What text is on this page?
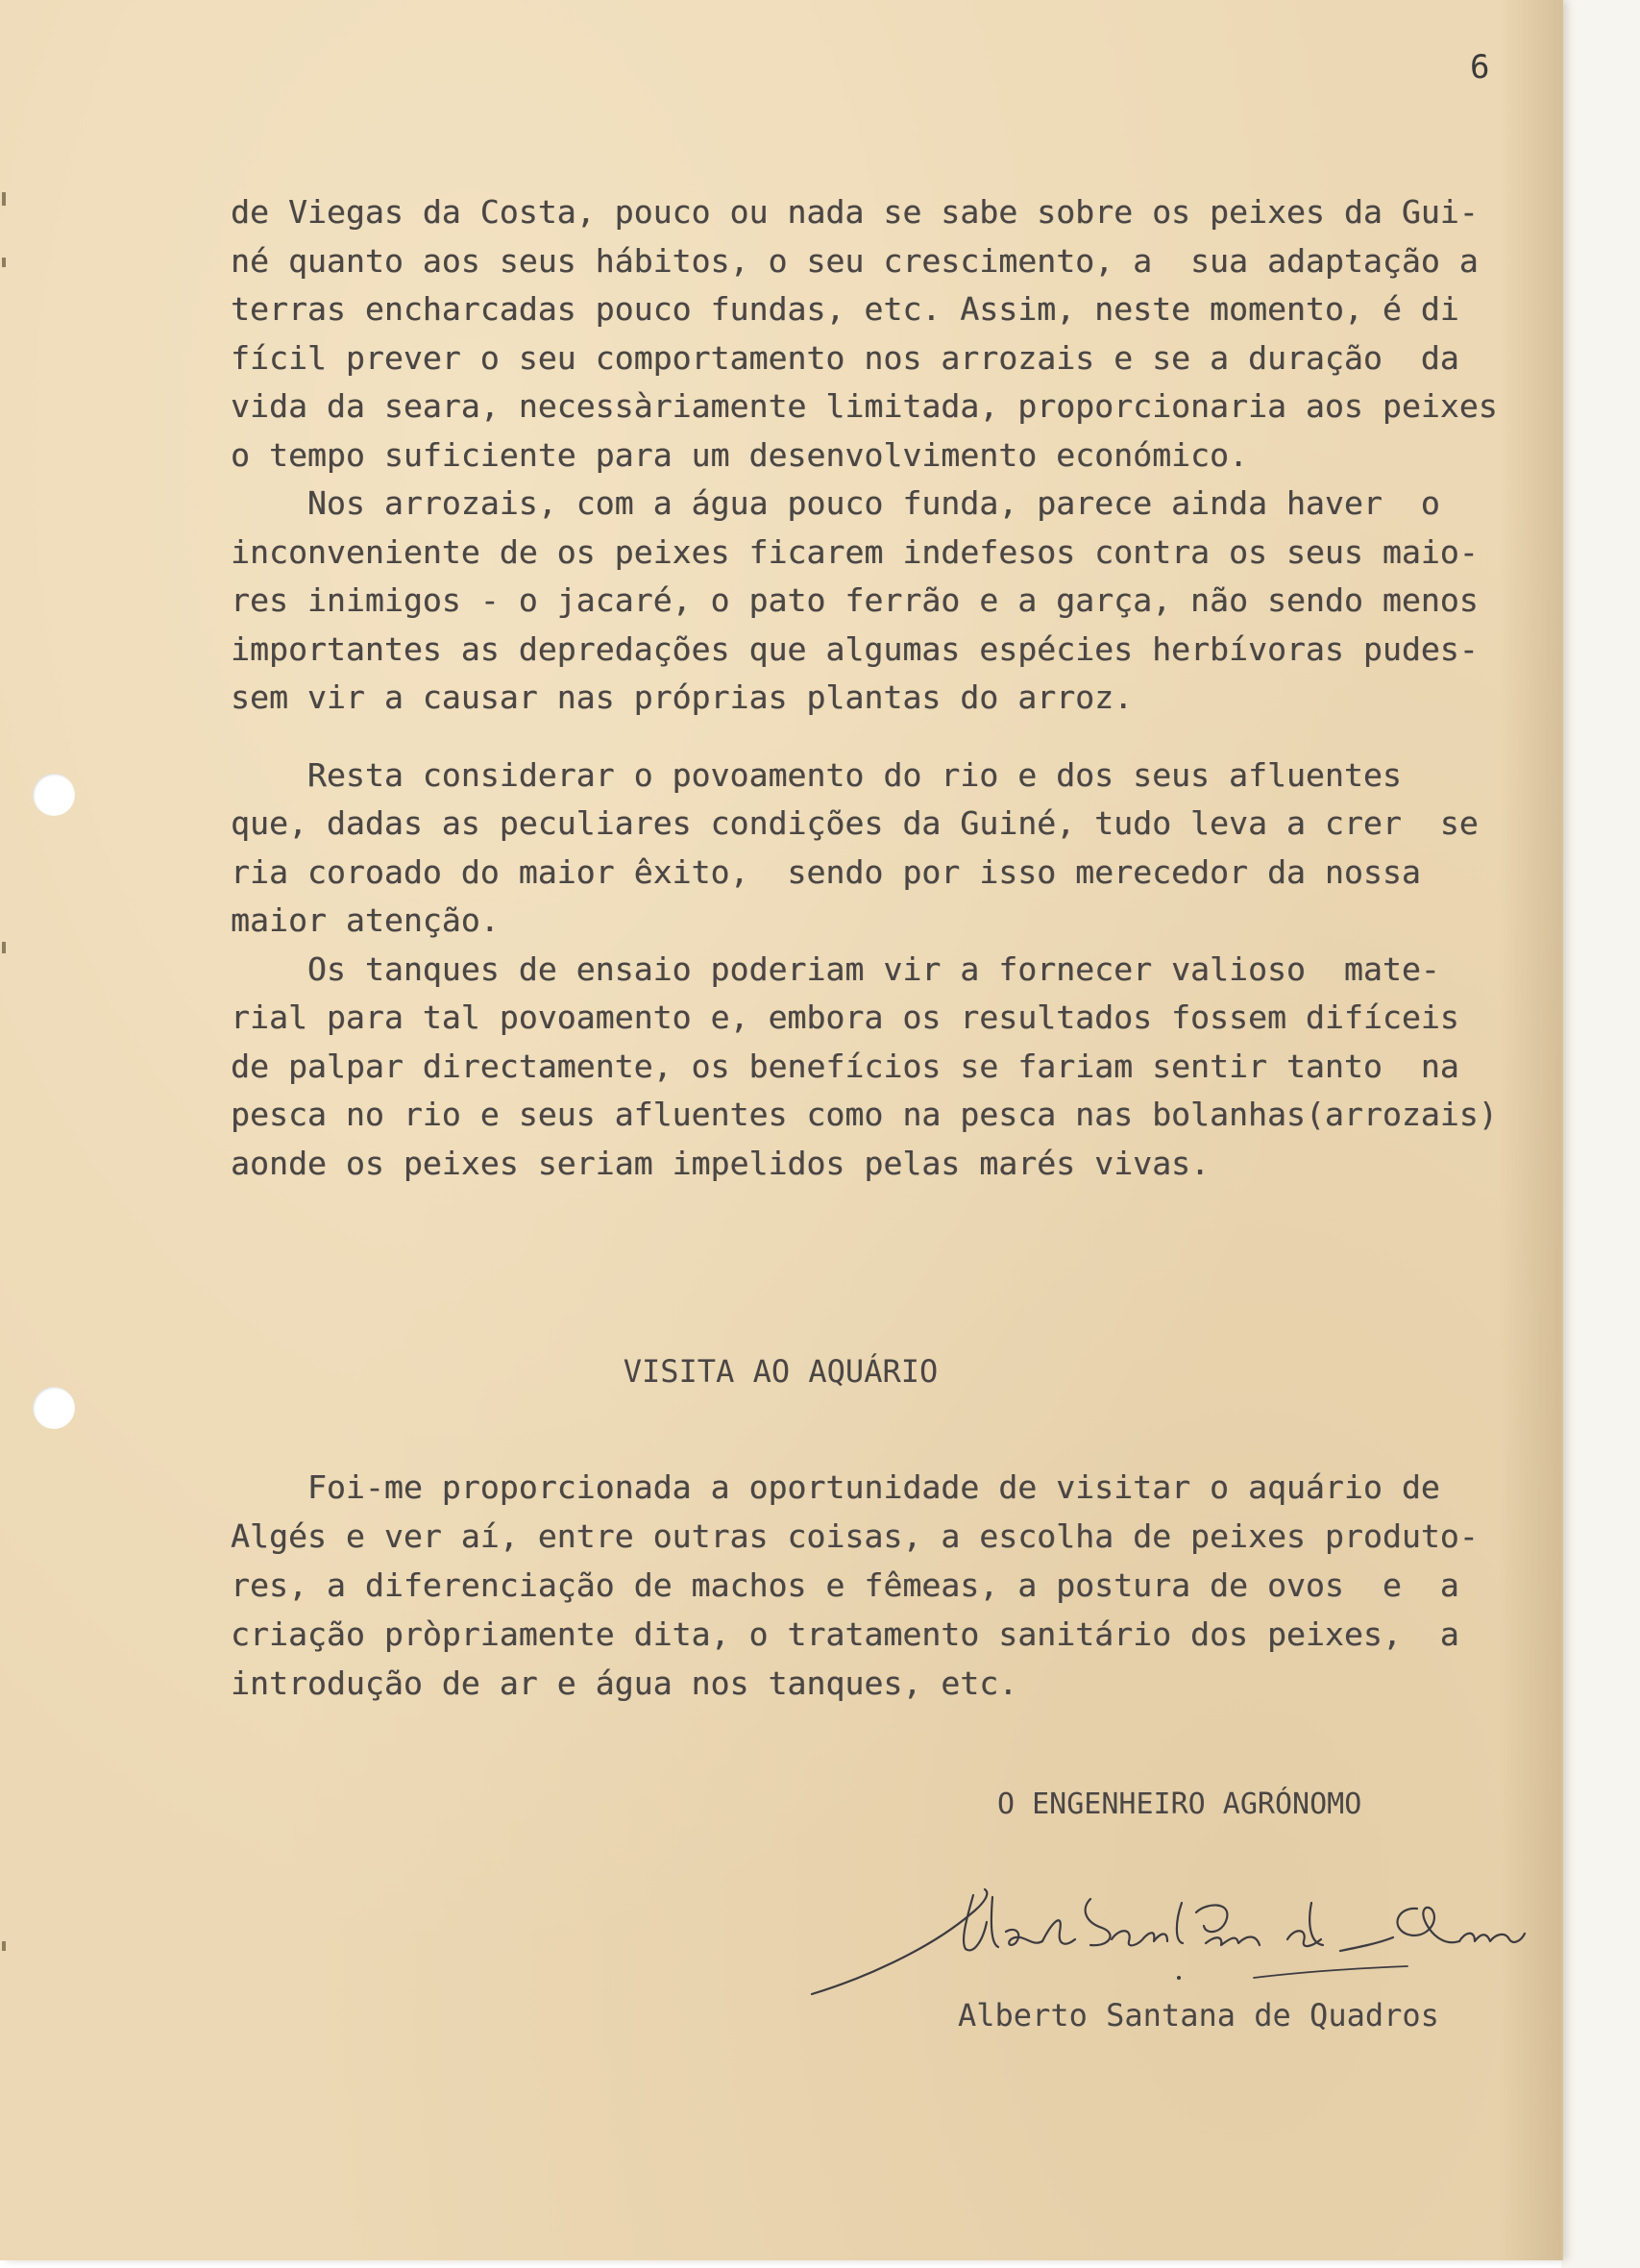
6

de Viegas da Costa, pouco ou nada se sabe sobre os peixes da Gui-

né quanto aos seus hábitos, o seu crescimento, a  sua adaptação a

terras encharcadas pouco fundas, etc. Assim, neste momento, é di

fícil prever o seu comportamento nos arrozais e se a duração  da

vida da seara, necessàriamente limitada, proporcionaria aos peixes

o tempo suficiente para um desenvolvimento económico.

Nos arrozais, com a água pouco funda, parece ainda haver  o

inconveniente de os peixes ficarem indefesos contra os seus maio-

res inimigos - o jacaré, o pato ferrão e a garça, não sendo menos

importantes as depredações que algumas espécies herbívoras pudes-

sem vir a causar nas próprias plantas do arroz.

Resta considerar o povoamento do rio e dos seus afluentes

que, dadas as peculiares condições da Guiné, tudo leva a crer  se

ria coroado do maior êxito,  sendo por isso merecedor da nossa

maior atenção.

Os tanques de ensaio poderiam vir a fornecer valioso  mate-

rial para tal povoamento e, embora os resultados fossem difíceis

de palpar directamente, os benefícios se fariam sentir tanto  na

pesca no rio e seus afluentes como na pesca nas bolanhas(arrozais)

aonde os peixes seriam impelidos pelas marés vivas.

VISITA AO AQUÁRIO

Foi-me proporcionada a oportunidade de visitar o aquário de

Algés e ver aí, entre outras coisas, a escolha de peixes produto-

res, a diferenciação de machos e fêmeas, a postura de ovos  e  a

criação pròpriamente dita, o tratamento sanitário dos peixes,  a

introdução de ar e água nos tanques, etc.

O ENGENHEIRO AGRÓNOMO
Alberto Santana de Quadros
